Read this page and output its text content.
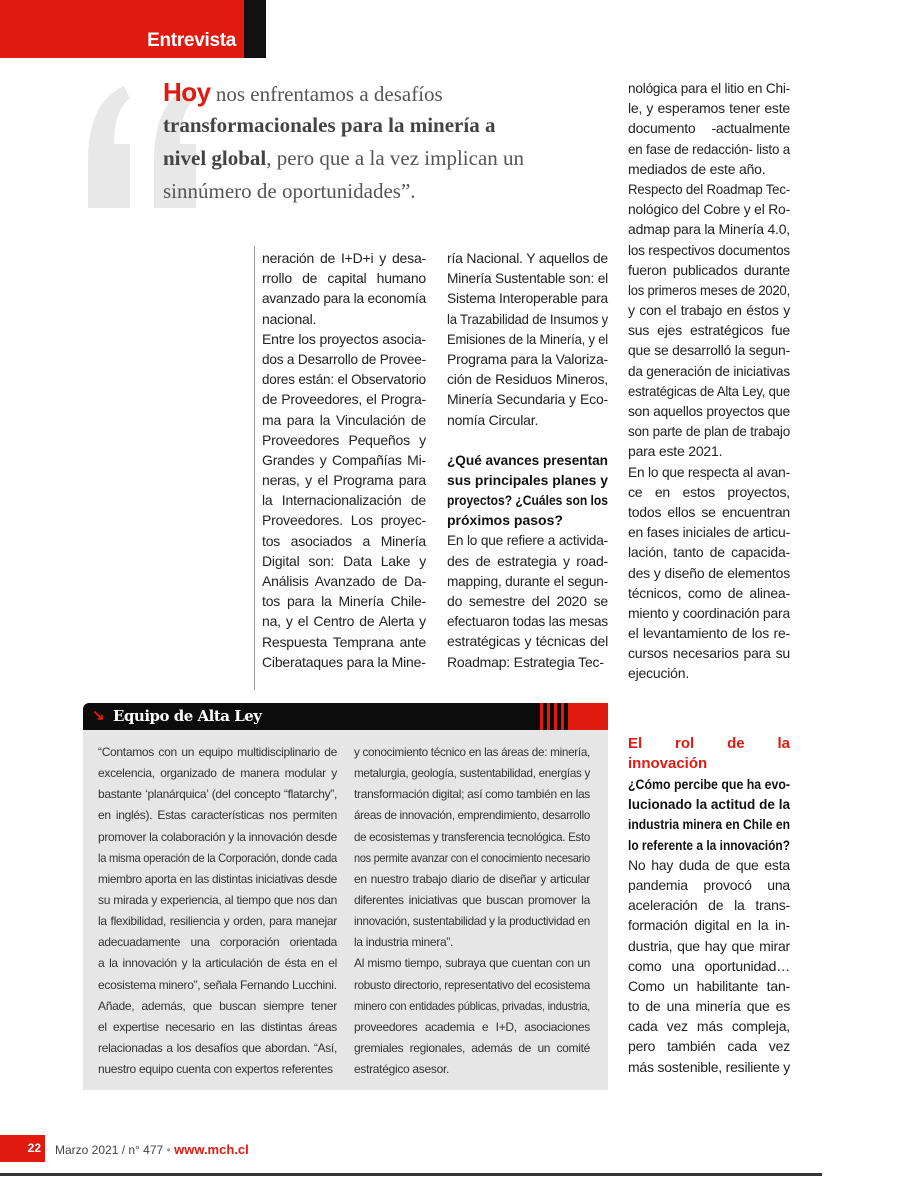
Entrevista
Hoy nos enfrentamos a desafíos
transformacionales para la minería a
nivel global, pero que a la vez implican un
sinnúmero de oportunidades”.
neración de I+D+i y desa-
rrollo de capital humano
avanzado para la economía
nacional.
Entre los proyectos asocia-
dos a Desarrollo de Provee-
dores están: el Observatorio
de Proveedores, el Progra-
ma para la Vinculación de
Proveedores Pequeños y
Grandes y Compañías Mi-
neras, y el Programa para
la Internacionalización de
Proveedores. Los proyec-
tos asociados a Minería
Digital son: Data Lake y
Análisis Avanzado de Da-
tos para la Minería Chile-
na, y el Centro de Alerta y
Respuesta Temprana ante
Ciberataques para la Mine-
ría Nacional. Y aquellos de
Minería Sustentable son: el
Sistema Interoperable para
la Trazabilidad de Insumos y
Emisiones de la Minería, y el
Programa para la Valoriza-
ción de Residuos Mineros,
Minería Secundaria y Eco-
nomía Circular.
¿Qué avances presentan
sus principales planes y
proyectos? ¿Cuáles son los
próximos pasos?
En lo que refiere a activida-
des de estrategia y road-
mapping, durante el segun-
do semestre del 2020 se
efectuaron todas las mesas
estratégicas y técnicas del
Roadmap: Estrategia Tec-
nológica para el litio en Chi-
le, y esperamos tener este
documento -actualmente
en fase de redacción- listo a
mediados de este año.
Respecto del Roadmap Tec-
nológico del Cobre y el Ro-
admap para la Minería 4.0,
los respectivos documentos
fueron publicados durante
los primeros meses de 2020,
y con el trabajo en éstos y
sus ejes estratégicos fue
que se desarrolló la segun-
da generación de iniciativas
estratégicas de Alta Ley, que
son aquellos proyectos que
son parte de plan de trabajo
para este 2021.
En lo que respecta al avan-
ce en estos proyectos,
todos ellos se encuentran
en fases iniciales de articu-
lación, tanto de capacida-
des y diseño de elementos
técnicos, como de alinea-
miento y coordinación para
el levantamiento de los re-
cursos necesarios para su
ejecución.
El rol de la
innovación
¿Cómo percibe que ha evo-
lucionado la actitud de la
industria minera en Chile en
lo referente a la innovación?
No hay duda de que esta
pandemia provocó una
aceleración de la trans-
formación digital en la in-
dustria, que hay que mirar
como una oportunidad…
Como un habilitante tan-
to de una minería que es
cada vez más compleja,
pero también cada vez
más sostenible, resiliente y
↘ Equipo de Alta Ley
“Contamos con un equipo multidisciplinario de
excelencia, organizado de manera modular y
bastante ‘planárquica’ (del concepto “flatarchy”,
en inglés). Estas características nos permiten
promover la colaboración y la innovación desde
la misma operación de la Corporación, donde cada
miembro aporta en las distintas iniciativas desde
su mirada y experiencia, al tiempo que nos dan
la flexibilidad, resiliencia y orden, para manejar
adecuadamente una corporación orientada
a la innovación y la articulación de ésta en el
ecosistema minero”, señala Fernando Lucchini.
Añade, además, que buscan siempre tener
el expertise necesario en las distintas áreas
relacionadas a los desafíos que abordan. “Así,
nuestro equipo cuenta con expertos referentes
y conocimiento técnico en las áreas de: minería,
metalurgia, geología, sustentabilidad, energías y
transformación digital; así como también en las
áreas de innovación, emprendimiento, desarrollo
de ecosistemas y transferencia tecnológica. Esto
nos permite avanzar con el conocimiento necesario
en nuestro trabajo diario de diseñar y articular
diferentes iniciativas que buscan promover la
innovación, sustentabilidad y la productividad en
la industria minera”.
Al mismo tiempo, subraya que cuentan con un
robusto directorio, representativo del ecosistema
minero con entidades públicas, privadas, industria,
proveedores academia e I+D, asociaciones
gremiales regionales, además de un comité
estratégico asesor.
22 Marzo 2021 / n° 477 • www.mch.cl
